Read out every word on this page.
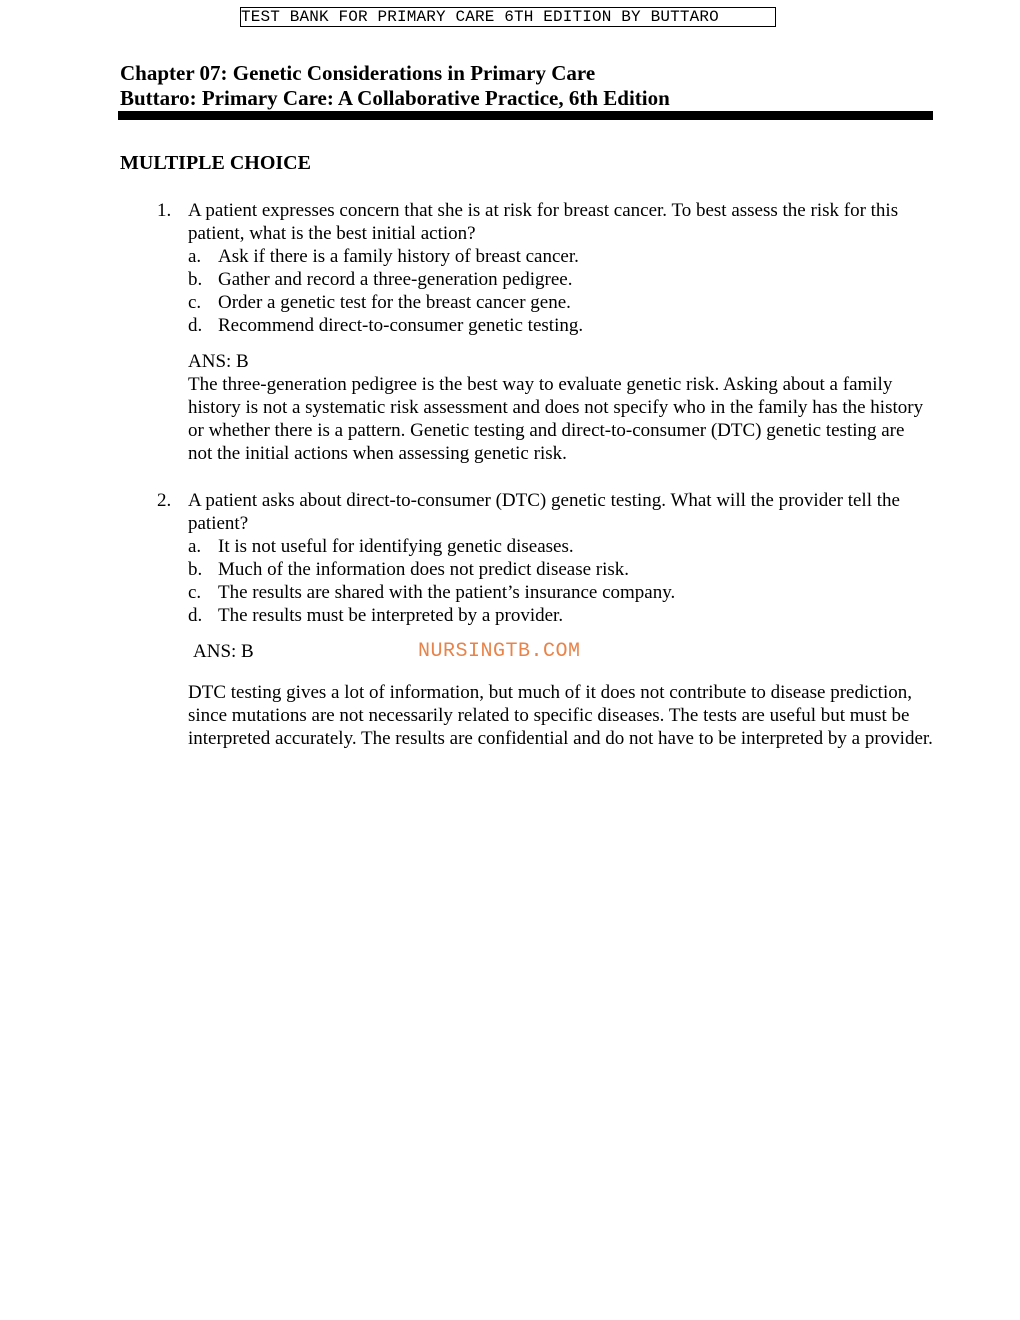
TEST BANK FOR PRIMARY CARE 6TH EDITION BY BUTTARO
Chapter 07: Genetic Considerations in Primary Care
Buttaro: Primary Care: A Collaborative Practice, 6th Edition
MULTIPLE CHOICE
1. A patient expresses concern that she is at risk for breast cancer. To best assess the risk for this patient, what is the best initial action?
a. Ask if there is a family history of breast cancer.
b. Gather and record a three-generation pedigree.
c. Order a genetic test for the breast cancer gene.
d. Recommend direct-to-consumer genetic testing.
ANS: B
The three-generation pedigree is the best way to evaluate genetic risk. Asking about a family history is not a systematic risk assessment and does not specify who in the family has the history or whether there is a pattern. Genetic testing and direct-to-consumer (DTC) genetic testing are not the initial actions when assessing genetic risk.
2. A patient asks about direct-to-consumer (DTC) genetic testing. What will the provider tell the patient?
a. It is not useful for identifying genetic diseases.
b. Much of the information does not predict disease risk.
c. The results are shared with the patient’s insurance company.
d. The results must be interpreted by a provider.
ANS: B
DTC testing gives a lot of information, but much of it does not contribute to disease prediction, since mutations are not necessarily related to specific diseases. The tests are useful but must be interpreted accurately. The results are confidential and do not have to be interpreted by a provider.
NURSINGTB.COM
